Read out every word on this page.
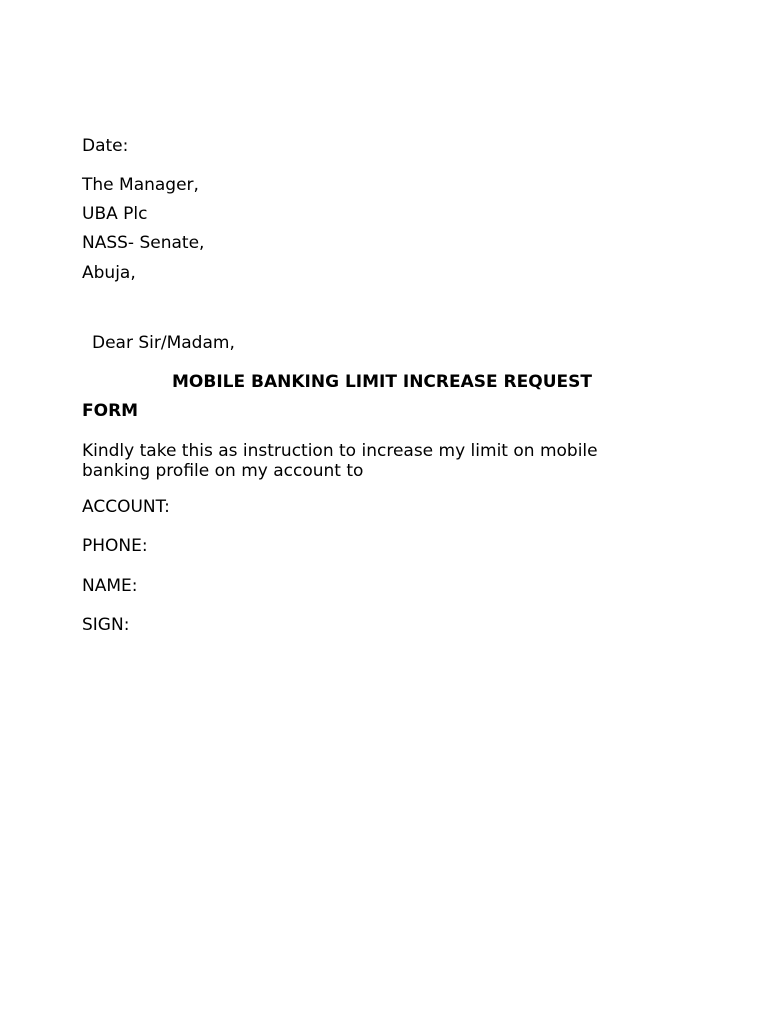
Date:
The Manager,
UBA Plc
NASS- Senate,
Abuja,
Dear Sir/Madam,
MOBILE BANKING LIMIT INCREASE REQUEST
FORM
Kindly take this as instruction to increase my limit on mobile
banking profile on my account to
ACCOUNT:
PHONE:
NAME:
SIGN:
